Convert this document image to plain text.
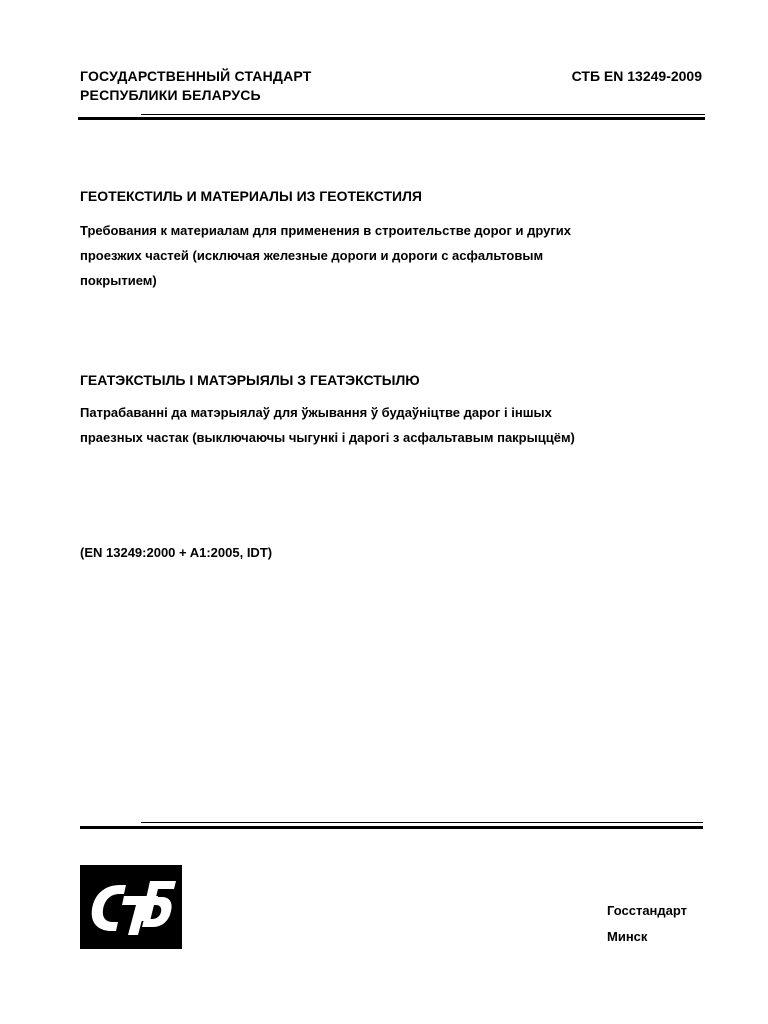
ГОСУДАРСТВЕННЫЙ СТАНДАРТ
РЕСПУБЛИКИ БЕЛАРУСЬ
СТБ EN 13249-2009
ГЕОТЕКСТИЛЬ И МАТЕРИАЛЫ ИЗ ГЕОТЕКСТИЛЯ
Требования к материалам для применения в строительстве дорог и других
проезжих частей (исключая железные дороги и дороги с асфальтовым
покрытием)
ГЕАТЭКСТЫЛЬ І МАТЭРЫЯЛЫ З ГЕАТЭКСТЫЛЮ
Патрабаванні да матэрыялаў для ўжывання ў будаўніцтве дарог і іншых
праезных частак (выключаючы чыгункі і дарогі з асфальтавым пакрыццём)
(EN 13249:2000 + A1:2005, IDT)
Госстандарт
Минск
